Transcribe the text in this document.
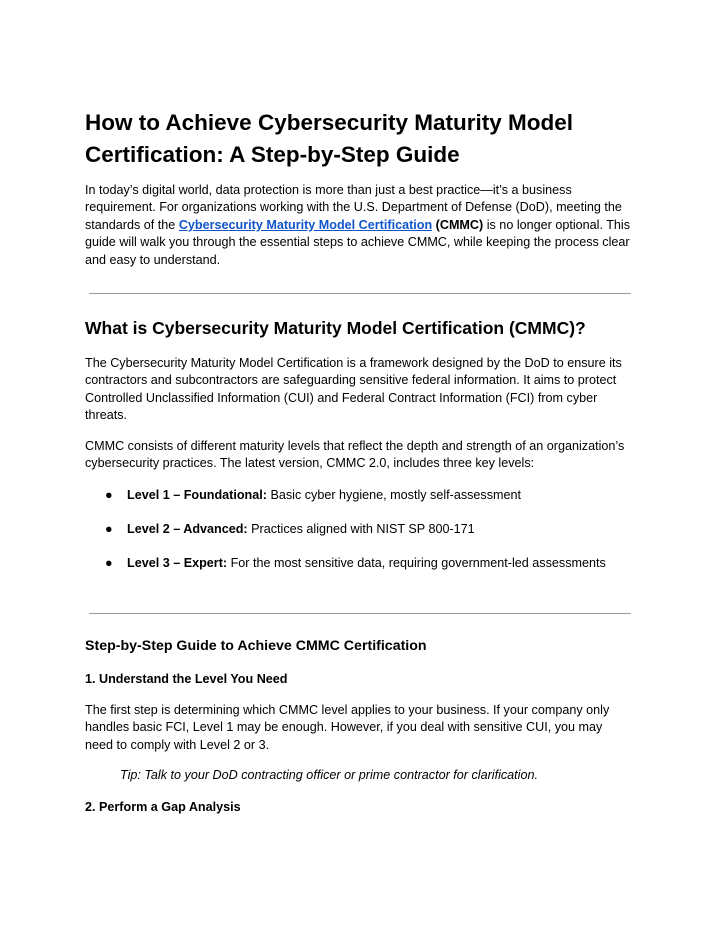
How to Achieve Cybersecurity Maturity Model Certification: A Step-by-Step Guide

In today’s digital world, data protection is more than just a best practice—it’s a business requirement. For organizations working with the U.S. Department of Defense (DoD), meeting the standards of the Cybersecurity Maturity Model Certification (CMMC) is no longer optional. This guide will walk you through the essential steps to achieve CMMC, while keeping the process clear and easy to understand.

What is Cybersecurity Maturity Model Certification (CMMC)?

The Cybersecurity Maturity Model Certification is a framework designed by the DoD to ensure its contractors and subcontractors are safeguarding sensitive federal information. It aims to protect Controlled Unclassified Information (CUI) and Federal Contract Information (FCI) from cyber threats.

CMMC consists of different maturity levels that reflect the depth and strength of an organization’s cybersecurity practices. The latest version, CMMC 2.0, includes three key levels:

● Level 1 – Foundational: Basic cyber hygiene, mostly self-assessment
● Level 2 – Advanced: Practices aligned with NIST SP 800-171
● Level 3 – Expert: For the most sensitive data, requiring government-led assessments
Step-by-Step Guide to Achieve CMMC Certification
1. Understand the Level You Need

The first step is determining which CMMC level applies to your business. If your company only handles basic FCI, Level 1 may be enough. However, if you deal with sensitive CUI, you may need to comply with Level 2 or 3.

Tip: Talk to your DoD contracting officer or prime contractor for clarification.
2. Perform a Gap Analysis
